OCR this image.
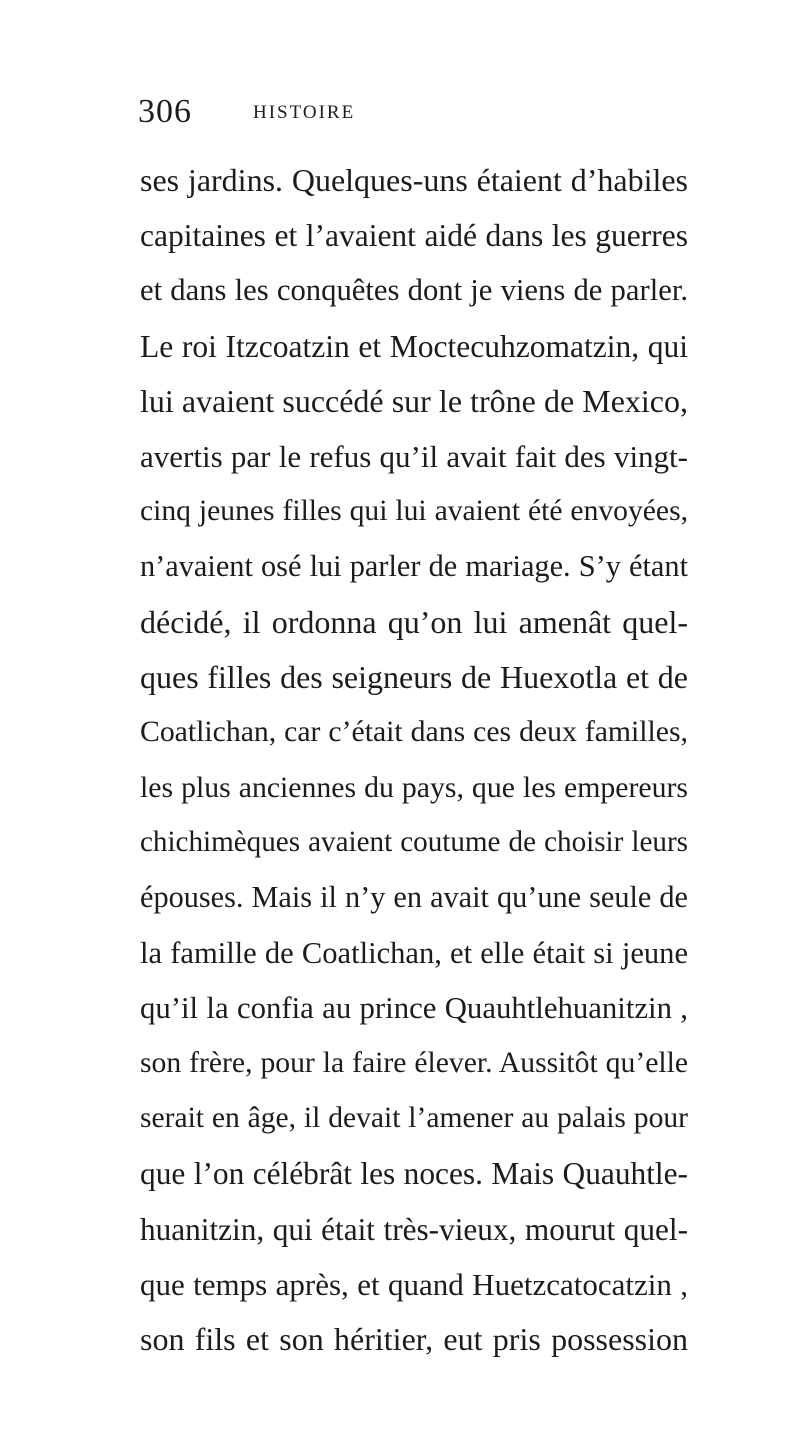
306	HISTOIRE
ses jardins. Quelques-uns étaient d’habiles
capitaines et l’avaient aidé dans les guerres
et dans les conquêtes dont je viens de parler.
Le roi Itzcoatzin et Moctecuhzomatzin, qui
lui avaient succédé sur le trône de Mexico,
avertis par le refus qu’il avait fait des vingt-
cinq jeunes filles qui lui avaient été envoyées,
n’avaient osé lui parler de mariage. S’y étant
décidé, il ordonna qu’on lui amenât quel-
ques filles des seigneurs de Huexotla et de
Coatlichan, car c’était dans ces deux familles,
les plus anciennes du pays, que les empereurs
chichimèques avaient coutume de choisir leurs
épouses. Mais il n’y en avait qu’une seule de
la famille de Coatlichan, et elle était si jeune
qu’il la confia au prince Quauhtlehuanitzin ,
son frère, pour la faire élever. Aussitôt qu’elle
serait en âge, il devait l’amener au palais pour
que l’on célébrât les noces. Mais Quauhtle-
huanitzin, qui était très-vieux, mourut quel-
que temps après, et quand Huetzcatocatzin ,
son fils et son héritier, eut pris possession
